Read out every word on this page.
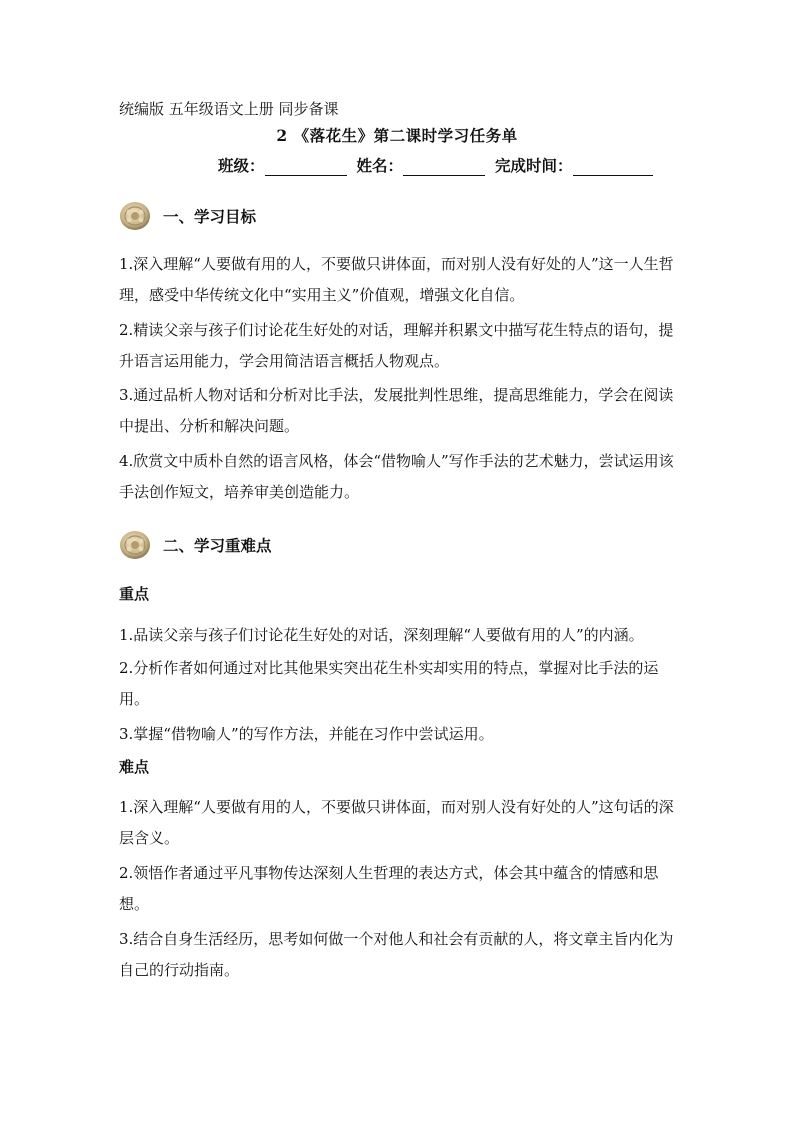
统编版 五年级语文上册 同步备课
2 《落花生》第二课时学习任务单
班级：	姓名：	完成时间：
一、学习目标
1.深入理解“人要做有用的人，不要做只讲体面，而对别人没有好处的人”这一人生哲理，感受中华传统文化中“实用主义”价值观，增强文化自信。
2.精读父亲与孩子们讨论花生好处的对话，理解并积累文中描写花生特点的语句，提升语言运用能力，学会用简洁语言概括人物观点。
3.通过品析人物对话和分析对比手法，发展批判性思维，提高思维能力，学会在阅读中提出、分析和解决问题。
4.欣赏文中质朴自然的语言风格，体会“借物喻人”写作手法的艺术魅力，尝试运用该手法创作短文，培养审美创造能力。
二、学习重难点
重点
1.品读父亲与孩子们讨论花生好处的对话，深刻理解“人要做有用的人”的内涵。
2.分析作者如何通过对比其他果实突出花生朴实却实用的特点，掌握对比手法的运用。
3.掌握“借物喻人”的写作方法，并能在习作中尝试运用。
难点
1.深入理解“人要做有用的人，不要做只讲体面，而对别人没有好处的人”这句话的深层含义。
2.领悟作者通过平凡事物传达深刻人生哲理的表达方式，体会其中蕴含的情感和思想。
3.结合自身生活经历，思考如何做一个对他人和社会有贡献的人，将文章主旨内化为自己的行动指南。
